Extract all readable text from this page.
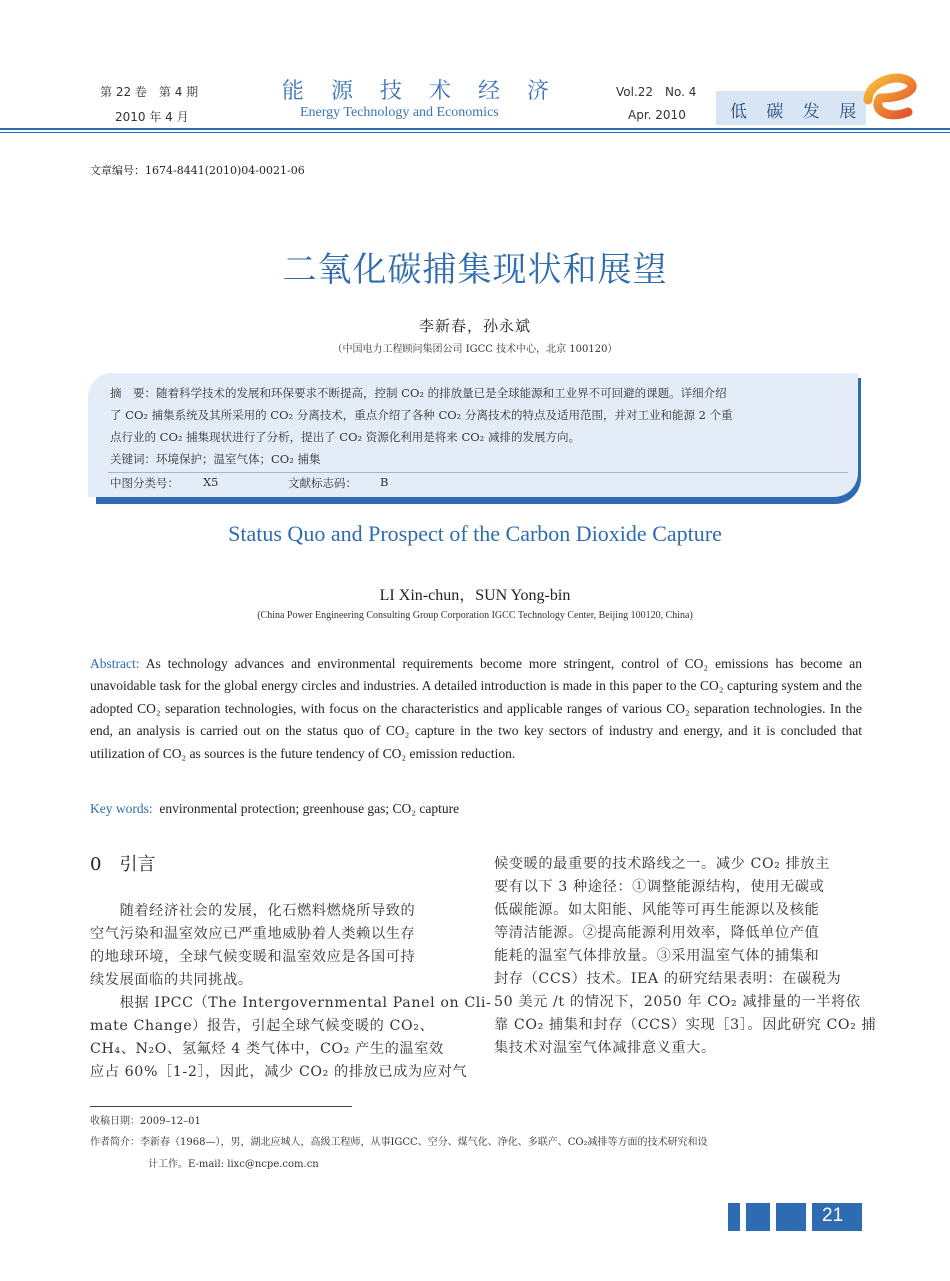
第 22 卷　第 4 期
2010 年 4 月
能 源 技 术 经 济
Energy Technology and Economics
Vol.22　No. 4
Apr. 2010	低 碳 发 展
文章编号：1674-8441(2010)04-0021-06
二氧化碳捕集现状和展望
李新春，孙永斌
（中国电力工程顾问集团公司 IGCC 技术中心，北京 100120）
摘　要：随着科学技术的发展和环保要求不断提高，控制 CO₂ 的排放量已是全球能源和工业界不可回避的课题。详细介绍
了 CO₂ 捕集系统及其所采用的 CO₂ 分离技术，重点介绍了各种 CO₂ 分离技术的特点及适用范围，并对工业和能源 2 个重
点行业的 CO₂ 捕集现状进行了分析，提出了 CO₂ 资源化利用是将来 CO₂ 减排的发展方向。
关键词：环境保护；温室气体；CO₂ 捕集
中图分类号： X5	文献标志码： B
Status Quo and Prospect of the Carbon Dioxide Capture
LI Xin-chun，SUN Yong-bin
(China Power Engineering Consulting Group Corporation IGCC Technology Center, Beijing 100120, China)
Abstract: As technology advances and environmental requirements become more stringent, control of CO₂ emissions has become an unavoidable task for the global energy circles and industries. A detailed introduction is made in this paper to the CO₂ capturing system and the adopted CO₂ separation technologies, with focus on the characteristics and applicable ranges of various CO₂ separation technologies. In the end, an analysis is carried out on the status quo of CO₂ capture in the two key sectors of industry and energy, and it is concluded that utilization of CO₂ as sources is the future tendency of CO₂ emission reduction.
Key words: environmental protection; greenhouse gas; CO₂ capture
0　引言
　　随着经济社会的发展，化石燃料燃烧所导致的
空气污染和温室效应已严重地威胁着人类赖以生存
的地球环境，全球气候变暖和温室效应是各国可持
续发展面临的共同挑战。
　　根据 IPCC（The Intergovernmental Panel on Cli-
mate Change）报告，引起全球气候变暖的 CO₂、
CH₄、N₂O、氢氟烃 4 类气体中，CO₂ 产生的温室效
应占 60%［1-2］，因此，减少 CO₂ 的排放已成为应对气
候变暖的最重要的技术路线之一。减少 CO₂ 排放主
要有以下 3 种途径：①调整能源结构，使用无碳或
低碳能源。如太阳能、风能等可再生能源以及核能
等清洁能源。②提高能源利用效率，降低单位产值
能耗的温室气体排放量。③采用温室气体的捕集和
封存（CCS）技术。IEA 的研究结果表明：在碳税为
50 美元 /t 的情况下，2050 年 CO₂ 减排量的一半将依
靠 CO₂ 捕集和封存（CCS）实现［3］。因此研究 CO₂ 捕
集技术对温室气体减排意义重大。
收稿日期：2009–12–01
作者简介：李新春（1968—），男，湖北应城人，高级工程师，从事IGCC、空分、煤气化、净化、多联产、CO₂减排等方面的技术研究和设
计工作。E-mail: lixc@ncpe.com.cn
21
